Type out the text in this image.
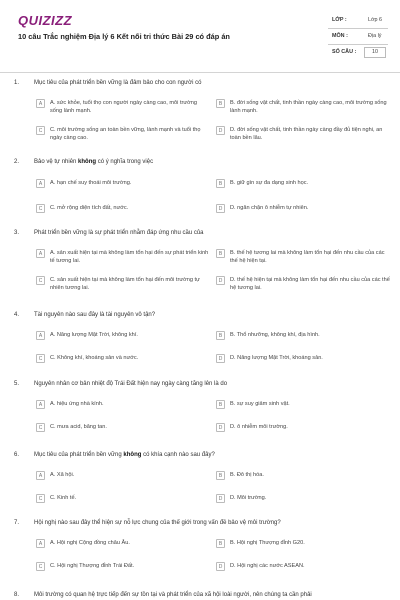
QUIZIZZ
10 câu Trắc nghiệm Địa lý 6 Kết nối tri thức Bài 29 có đáp án
LỚP :	Lớp 6
MÔN :	Địa lý
SỐ CÂU :	10
1. Mục tiêu của phát triển bền vững là đảm bảo cho con người có
A	A. sức khỏe, tuổi thọ con người ngày càng cao, môi trường sống lành mạnh.
B	B. đời sống vật chất, tinh thần ngày càng cao, môi trường sống lành mạnh.
C	C. môi trường sống an toàn bền vững, lành mạnh và tuổi thọ ngày càng cao.
D	D. đời sống vật chất, tinh thần ngày càng đầy đủ tiện nghi, an toàn bền lâu.
2. Bảo vệ tự nhiên không có ý nghĩa trong việc
A	A. hạn chế suy thoái môi trường.	B	B. giữ gìn sự đa dạng sinh học.
C	C. mở rộng diện tích đất, nước.	D	D. ngăn chặn ô nhiễm tự nhiên.
3. Phát triển bền vững là sự phát triển nhằm đáp ứng nhu cầu của
A	A. sản xuất hiện tại mà không làm tổn hại đến sự phát triển kinh tế tương lai.
B	B. thế hệ tương lai mà không làm tổn hại đến nhu cầu của các thế hệ hiện tại.
C	C. sản xuất hiện tại mà không làm tổn hại đến môi trường tự nhiên tương lai.
D	D. thế hệ hiện tại mà không làm tổn hại đến nhu cầu của các thế hệ tương lai.
4. Tài nguyên nào sau đây là tài nguyên vô tận?
A	A. Năng lượng Mặt Trời, không khí.	B	B. Thổ nhưỡng, không khí, địa hình.
C	C. Không khí, khoáng sản và nước.	D	D. Năng lượng Mặt Trời, khoáng sản.
5. Nguyên nhân cơ bản nhiệt độ Trái Đất hiện nay ngày càng tăng lên là do
A	A. hiệu ứng nhà kính.	B	B. sự suy giảm sinh vật.
C	C. mưa acid, băng tan.	D	D. ô nhiễm môi trường.
6. Mục tiêu của phát triển bền vững không có khía cạnh nào sau đây?
A	A. Xã hội.	B	B. Đô thị hóa.
C	C. Kinh tế.	D	D. Môi trường.
7. Hội nghị nào sau đây thể hiện sự nỗ lực chung của thế giới trong vấn đề bảo vệ môi trường?
A	A. Hội nghị Cộng đồng châu Âu.	B	B. Hội nghị Thượng đỉnh G20.
C	C. Hội nghị Thượng đỉnh Trái Đất.	D	D. Hội nghị các nước ASEAN.
8. Môi trường có quan hệ trực tiếp đến sự tồn tại và phát triển của xã hội loài người, nên chúng ta cần phải
